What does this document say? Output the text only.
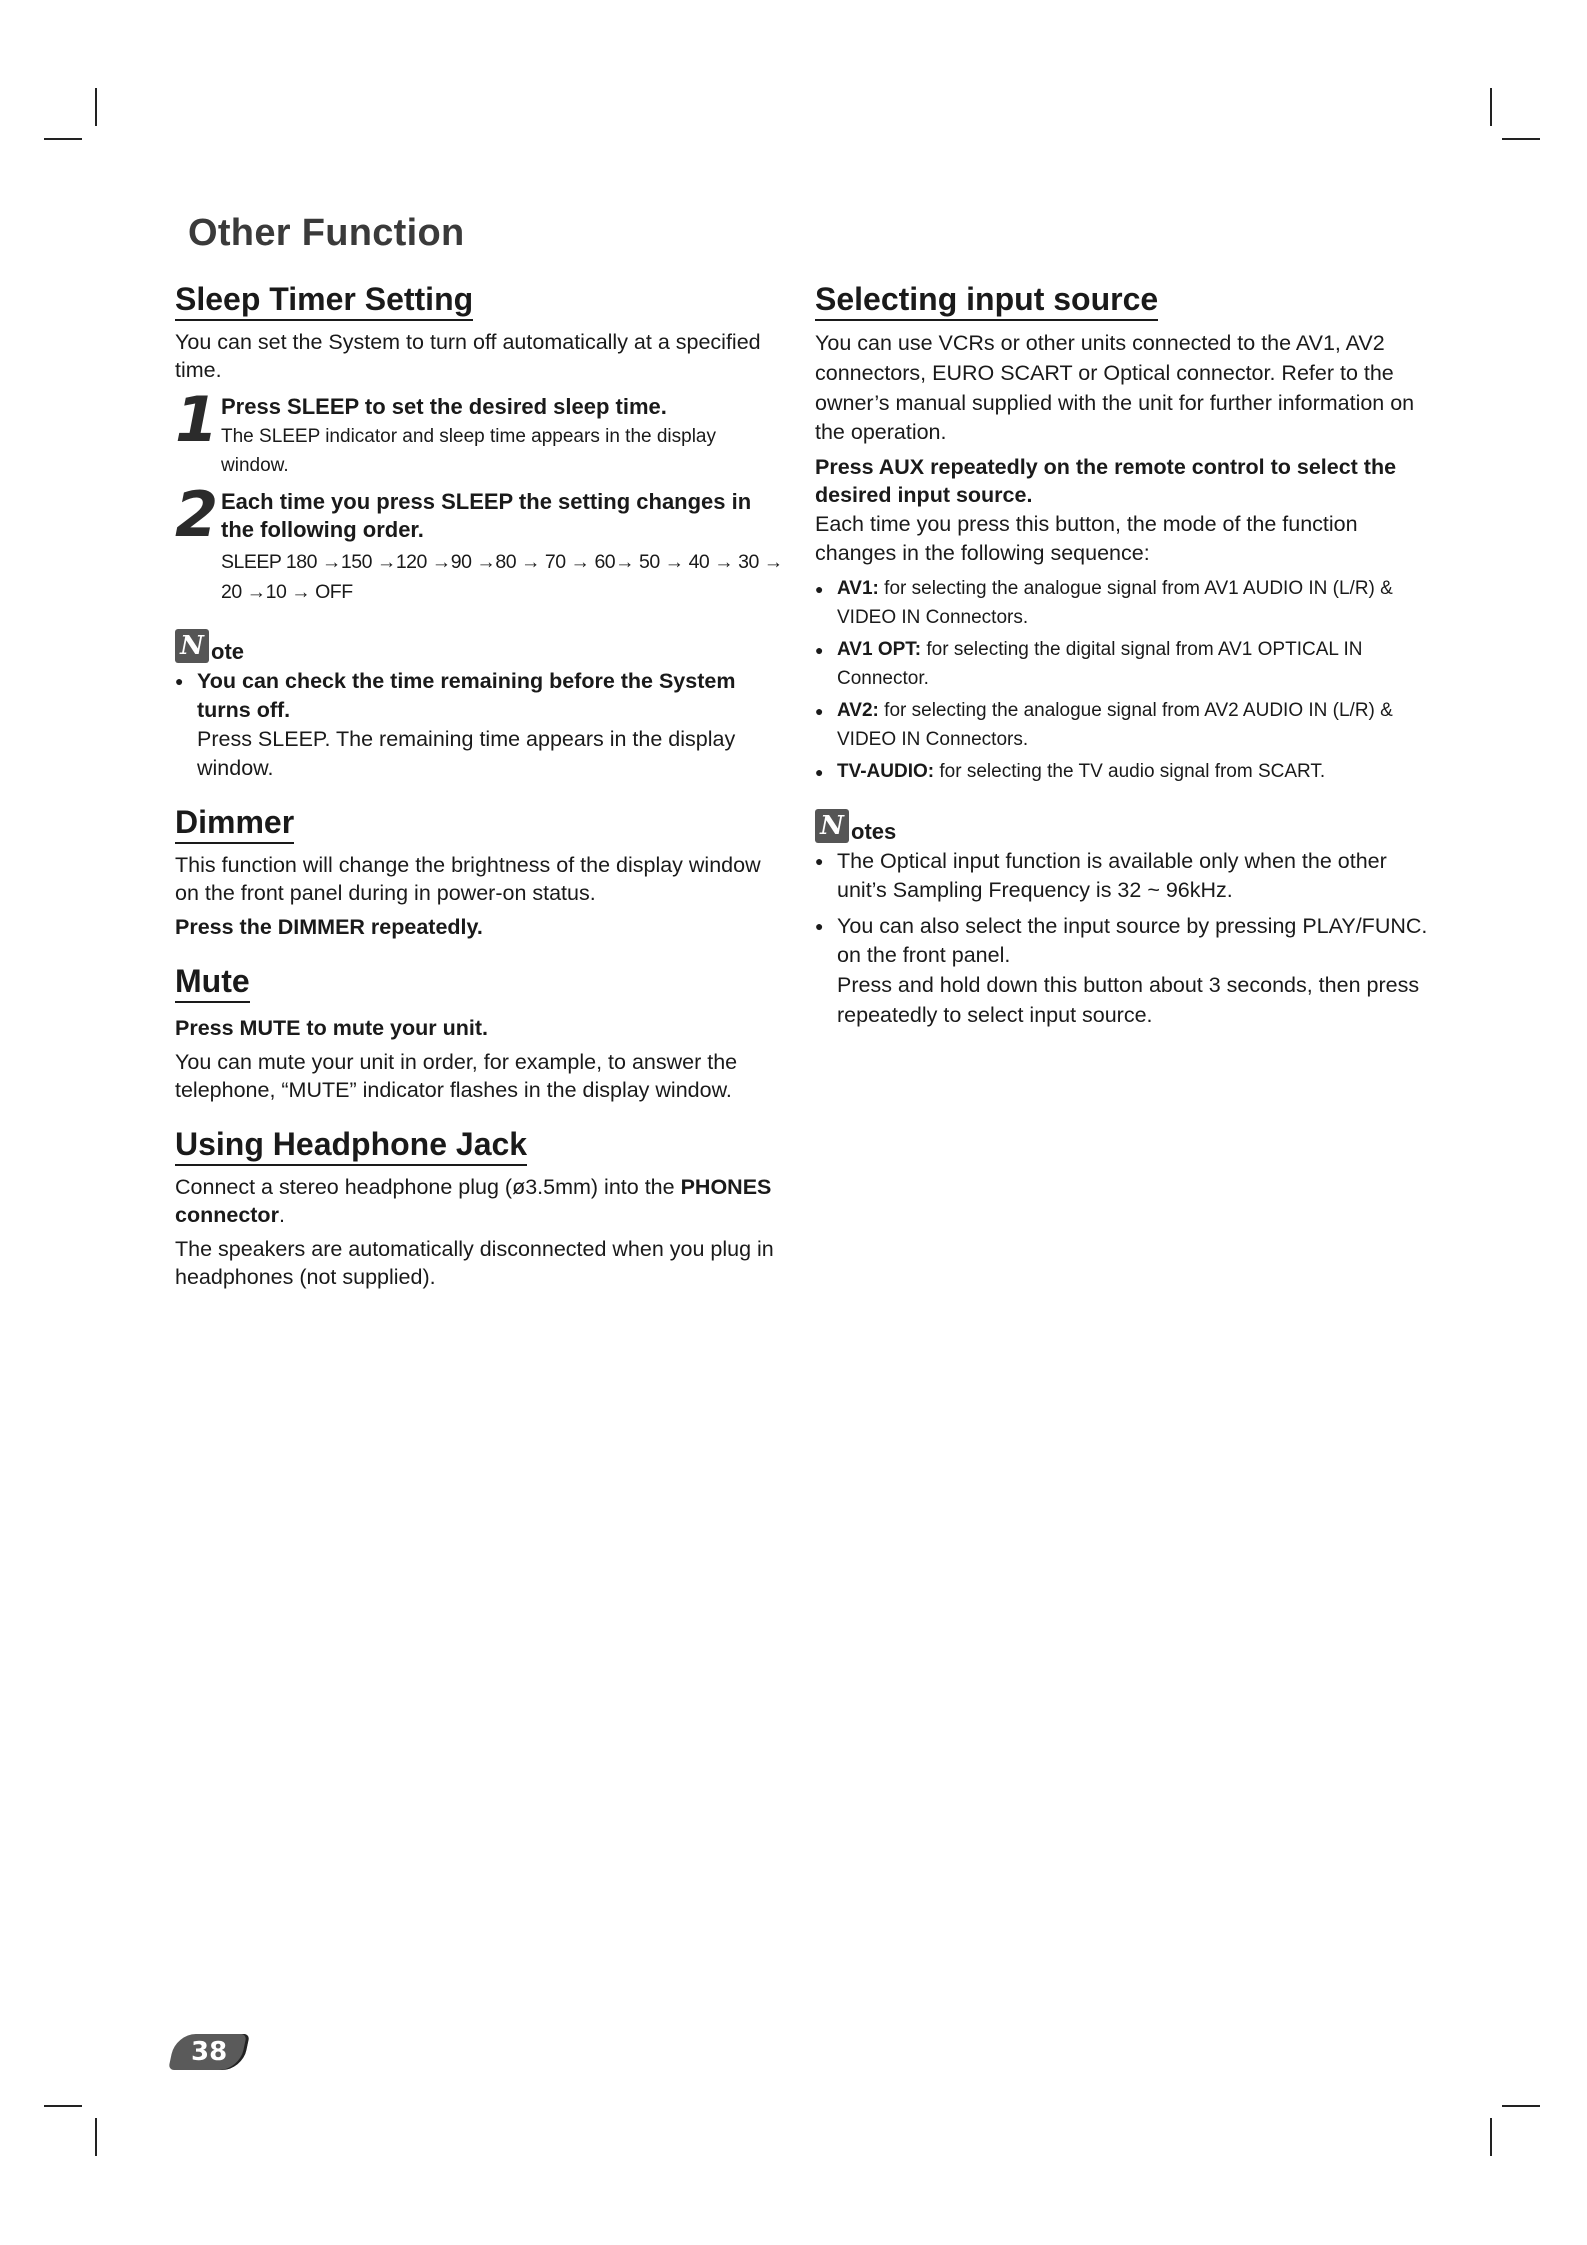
Other Function
Sleep Timer Setting

You can set the System to turn off automatically at a specified time.

1 Press SLEEP to set the desired sleep time.

The SLEEP indicator and sleep time appears in the display window.

2 Each time you press SLEEP the setting changes in the following order.

SLEEP 180 →150 →120 →90 →80 → 70 → 60→ 50 → 40 → 30 → 20 →10 → OFF

N ote
● You can check the time remaining before the System turns off.
Press SLEEP. The remaining time appears in the display window.
Dimmer

This function will change the brightness of the display window on the front panel during in power-on status.

Press the DIMMER repeatedly.

Mute

Press MUTE to mute your unit.

You can mute your unit in order, for example, to answer the telephone, “MUTE” indicator flashes in the display window.

Using Headphone Jack

Connect a stereo headphone plug (ø3.5mm) into the PHONES connector.

The speakers are automatically disconnected when you plug in headphones (not supplied).

Selecting input source

You can use VCRs or other units connected to the AV1, AV2 connectors, EURO SCART or Optical connector. Refer to the owner’s manual supplied with the unit for further information on the operation.

Press AUX repeatedly on the remote control to select the desired input source.

Each time you press this button, the mode of the function changes in the following sequence:

● AV1: for selecting the analogue signal from AV1 AUDIO IN (L/R) & VIDEO IN Connectors.
● AV1 OPT: for selecting the digital signal from AV1 OPTICAL IN Connector.
● AV2: for selecting the analogue signal from AV2 AUDIO IN (L/R) & VIDEO IN Connectors.
● TV-AUDIO: for selecting the TV audio signal from SCART.
N otes
● The Optical input function is available only when the other unit’s Sampling Frequency is 32 ~ 96kHz.
● You can also select the input source by pressing PLAY/FUNC. on the front panel.
Press and hold down this button about 3 seconds, then press repeatedly to select input source.
38
